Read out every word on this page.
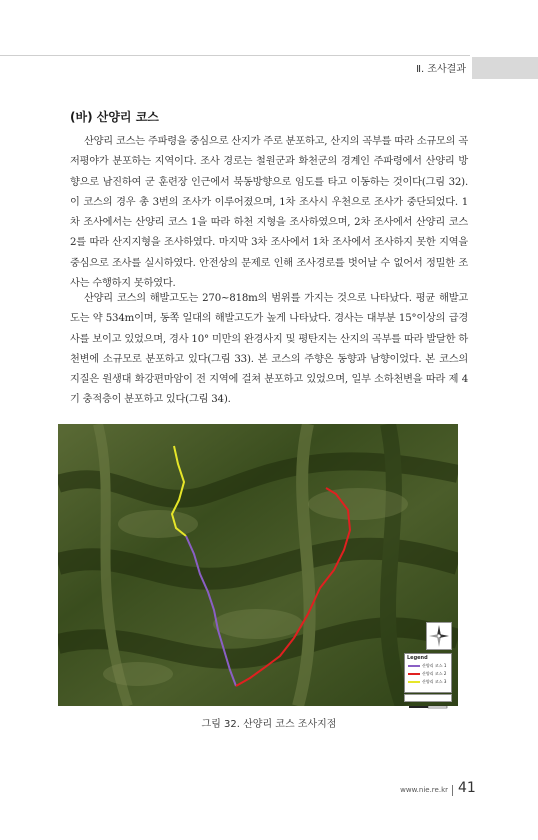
Ⅱ. 조사결과
(바) 산양리 코스

산양리 코스는 주파령을 중심으로 산지가 주로 분포하고, 산지의 곡부를 따라 소규모의 곡저평야가 분포하는 지역이다. 조사 경로는 철원군과 화천군의 경계인 주파령에서 산양리 방향으로 남진하여 군 훈련장 인근에서 북동방향으로 임도를 타고 이동하는 것이다(그림 32). 이 코스의 경우 총 3번의 조사가 이루어졌으며, 1차 조사시 우천으로 조사가 중단되었다. 1차 조사에서는 산양리 코스 1을 따라 하천 지형을 조사하였으며, 2차 조사에서 산양리 코스 2를 따라 산지지형을 조사하였다. 마지막 3차 조사에서 1차 조사에서 조사하지 못한 지역을 중심으로 조사를 실시하였다. 안전상의 문제로 인해 조사경로를 벗어날 수 없어서 정밀한 조사는 수행하지 못하였다.

산양리 코스의 해발고도는 270~818m의 범위를 가지는 것으로 나타났다. 평균 해발고도는 약 534m이며, 동쪽 일대의 해발고도가 높게 나타났다. 경사는 대부분 15°이상의 급경사를 보이고 있었으며, 경사 10° 미만의 완경사지 및 평탄지는 산지의 곡부를 따라 발달한 하천변에 소규모로 분포하고 있다(그림 33). 본 코스의 주향은 동향과 남향이었다. 본 코스의 지질은 원생대 화강편마암이 전 지역에 걸쳐 분포하고 있었으며, 일부 소하천변을 따라 제 4기 충적층이 분포하고 있다(그림 34).

Legend
산양리 코스 1
산양리 코스 2
산양리 코스 3
그림 32. 산양리 코스 조사지점
www.nie.re.kr 41
